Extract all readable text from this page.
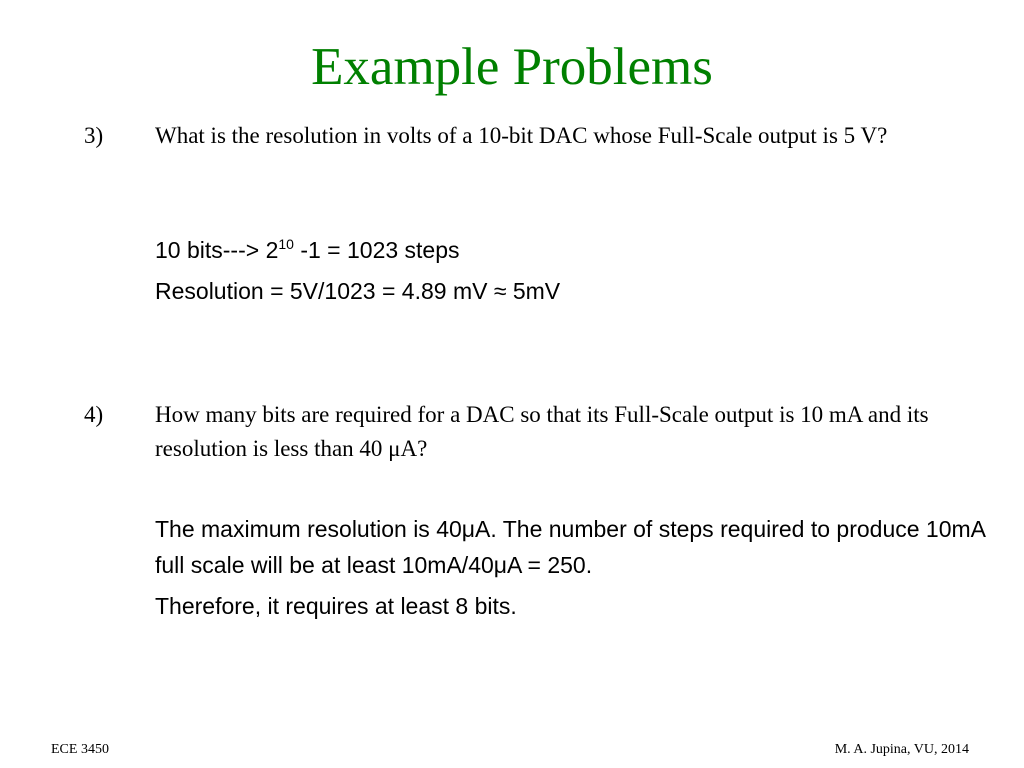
Example Problems
3) What is the resolution in volts of a 10-bit DAC whose Full-Scale output is 5 V?
10 bits---> $2^{10}$ -1 = 1023 steps
Resolution = 5V/1023 = 4.89 mV ≈ 5mV
4) How many bits are required for a DAC so that its Full-Scale output is 10 mA and its resolution is less than 40 μA?
The maximum resolution is 40μA. The number of steps required to produce 10mA full scale will be at least 10mA/40μA = 250.
Therefore, it requires at least 8 bits.
ECE 3450	M. A. Jupina, VU, 2014
